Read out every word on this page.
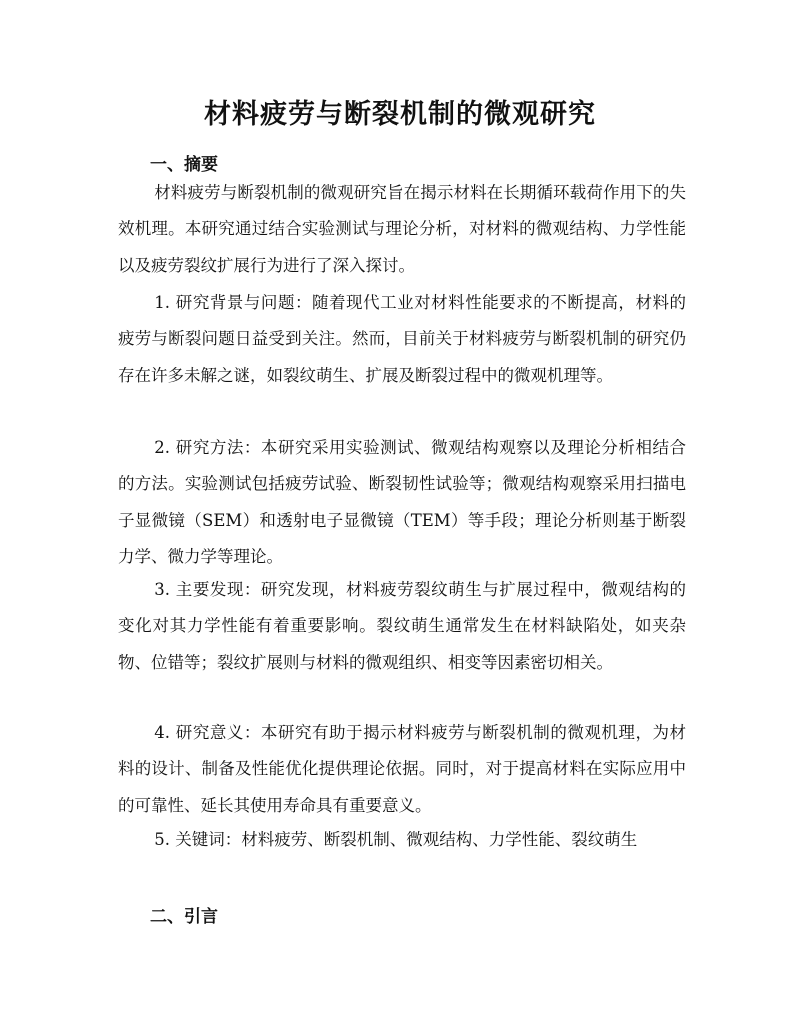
材料疲劳与断裂机制的微观研究
一、摘要

材料疲劳与断裂机制的微观研究旨在揭示材料在长期循环载荷作用下的失效机理。本研究通过结合实验测试与理论分析，对材料的微观结构、力学性能以及疲劳裂纹扩展行为进行了深入探讨。

1. 研究背景与问题：随着现代工业对材料性能要求的不断提高，材料的疲劳与断裂问题日益受到关注。然而，目前关于材料疲劳与断裂机制的研究仍存在许多未解之谜，如裂纹萌生、扩展及断裂过程中的微观机理等。

2. 研究方法：本研究采用实验测试、微观结构观察以及理论分析相结合的方法。实验测试包括疲劳试验、断裂韧性试验等；微观结构观察采用扫描电子显微镜（SEM）和透射电子显微镜（TEM）等手段；理论分析则基于断裂力学、微力学等理论。

3. 主要发现：研究发现，材料疲劳裂纹萌生与扩展过程中，微观结构的变化对其力学性能有着重要影响。裂纹萌生通常发生在材料缺陷处，如夹杂物、位错等；裂纹扩展则与材料的微观组织、相变等因素密切相关。

4. 研究意义：本研究有助于揭示材料疲劳与断裂机制的微观机理，为材料的设计、制备及性能优化提供理论依据。同时，对于提高材料在实际应用中的可靠性、延长其使用寿命具有重要意义。

5. 关键词：材料疲劳、断裂机制、微观结构、力学性能、裂纹萌生

二、引言
